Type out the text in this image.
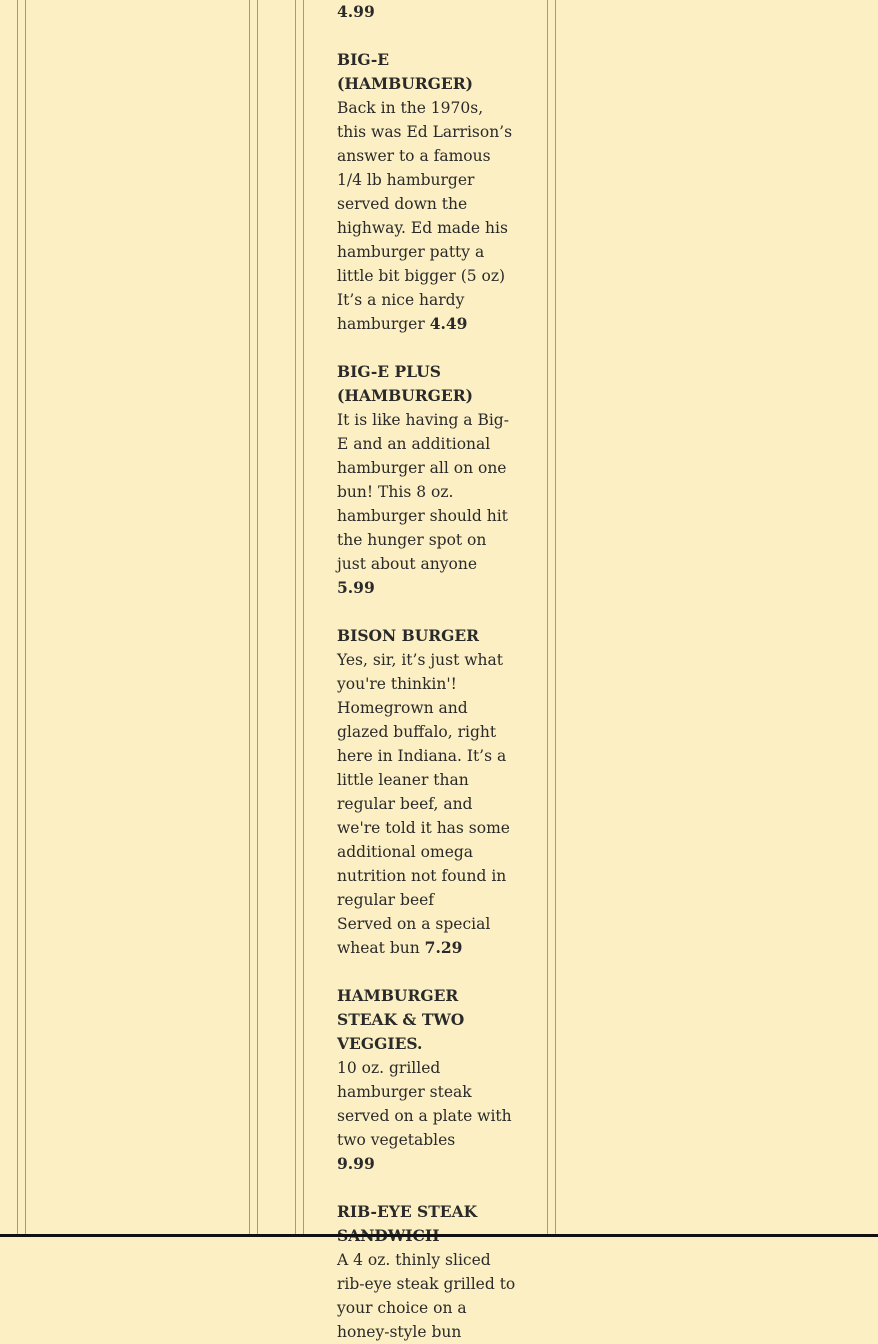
4.99

BIG-E (HAMBURGER)

Back in the 1970s, this was Ed Larrison’s answer to a famous 1/4 lb hamburger served down the highway. Ed made his hamburger patty a little bit bigger (5 oz)

It’s a nice hardy hamburger 4.49

BIG-E PLUS (HAMBURGER)

It is like having a Big-E and an additional hamburger all on one bun! This 8 oz. hamburger should hit the hunger spot on just about anyone

5.99

BISON BURGER

Yes, sir, it’s just what you're thinkin'! Homegrown and glazed buffalo, right here in Indiana. It’s a little leaner than regular beef, and we're told it has some additional omega nutrition not found in regular beef

Served on a special wheat bun 7.29

HAMBURGER STEAK & TWO VEGGIES.

10 oz. grilled hamburger steak served on a plate with two vegetables

9.99

RIB-EYE STEAK

A 4 oz. thinly sliced rib-eye steak grilled to your choice on a honey-style bun
